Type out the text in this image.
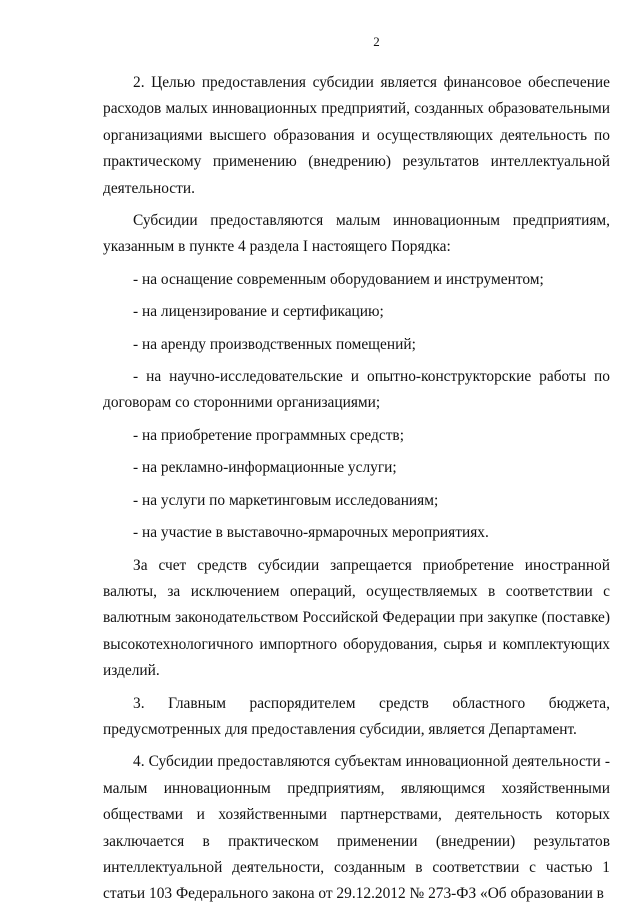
2

2. Целью предоставления субсидии является финансовое обеспечение расходов малых инновационных предприятий, созданных образовательными организациями высшего образования и осуществляющих деятельность по практическому применению (внедрению) результатов интеллектуальной деятельности.

Субсидии предоставляются малым инновационным предприятиям, указанным в пункте 4 раздела I настоящего Порядка:

- на оснащение современным оборудованием и инструментом;

- на лицензирование и сертификацию;

- на аренду производственных помещений;

- на научно-исследовательские и опытно-конструкторские работы по договорам со сторонними организациями;

- на приобретение программных средств;

- на рекламно-информационные услуги;

- на услуги по маркетинговым исследованиям;

- на участие в выставочно-ярмарочных мероприятиях.

За счет средств субсидии запрещается приобретение иностранной валюты, за исключением операций, осуществляемых в соответствии с валютным законодательством Российской Федерации при закупке (поставке) высокотехнологичного импортного оборудования, сырья и комплектующих изделий.

3. Главным распорядителем средств областного бюджета, предусмотренных для предоставления субсидии, является Департамент.

4. Субсидии предоставляются субъектам инновационной деятельности - малым инновационным предприятиям, являющимся хозяйственными обществами и хозяйственными партнерствами, деятельность которых заключается в практическом применении (внедрении) результатов интеллектуальной деятельности, созданным в соответствии с частью 1 статьи 103 Федерального закона от 29.12.2012 № 273-ФЗ «Об образовании в
